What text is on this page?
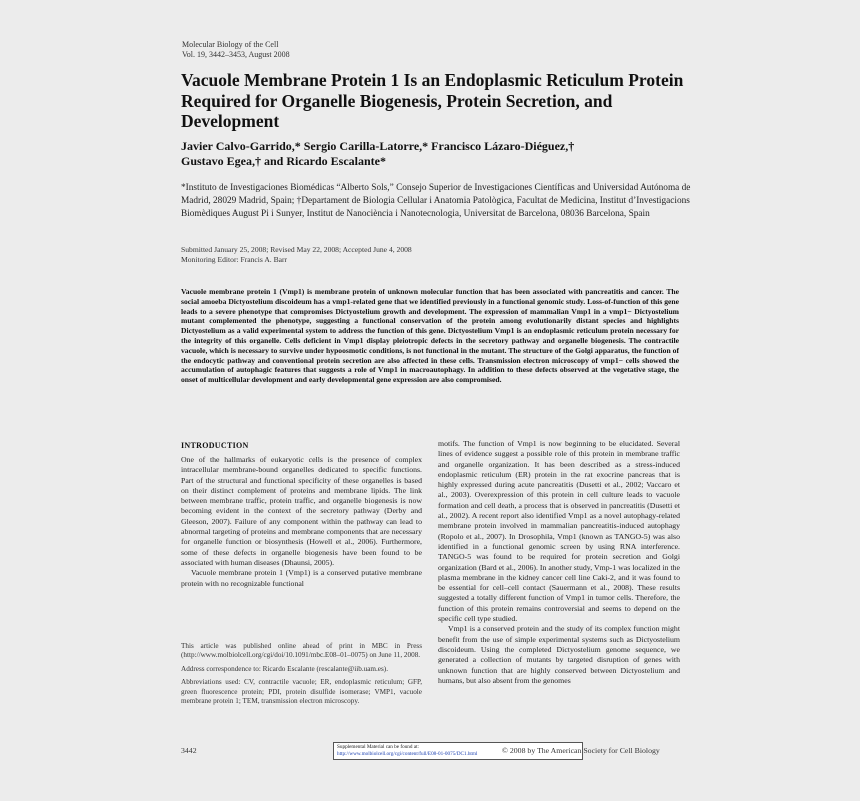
Molecular Biology of the Cell
Vol. 19, 3442–3453, August 2008
Vacuole Membrane Protein 1 Is an Endoplasmic Reticulum Protein Required for Organelle Biogenesis, Protein Secretion, and Development
Javier Calvo-Garrido,* Sergio Carilla-Latorre,* Francisco Lázaro-Diéguez,†
Gustavo Egea,† and Ricardo Escalante*
*Instituto de Investigaciones Biomédicas “Alberto Sols,” Consejo Superior de Investigaciones Científicas and Universidad Autónoma de Madrid, 28029 Madrid, Spain; †Departament de Biologia Cellular i Anatomia Patològica, Facultat de Medicina, Institut d’Investigacions Biomèdiques August Pi i Sunyer, Institut de Nanociència i Nanotecnologia, Universitat de Barcelona, 08036 Barcelona, Spain
Submitted January 25, 2008; Revised May 22, 2008; Accepted June 4, 2008
Monitoring Editor: Francis A. Barr
Vacuole membrane protein 1 (Vmp1) is membrane protein of unknown molecular function that has been associated with pancreatitis and cancer. The social amoeba Dictyostelium discoideum has a vmp1-related gene that we identified previously in a functional genomic study. Loss-of-function of this gene leads to a severe phenotype that compromises Dictyostelium growth and development. The expression of mammalian Vmp1 in a vmp1− Dictyostelium mutant complemented the phenotype, suggesting a functional conservation of the protein among evolutionarily distant species and highlights Dictyostelium as a valid experimental system to address the function of this gene. Dictyostelium Vmp1 is an endoplasmic reticulum protein necessary for the integrity of this organelle. Cells deficient in Vmp1 display pleiotropic defects in the secretory pathway and organelle biogenesis. The contractile vacuole, which is necessary to survive under hypoosmotic conditions, is not functional in the mutant. The structure of the Golgi apparatus, the function of the endocytic pathway and conventional protein secretion are also affected in these cells. Transmission electron microscopy of vmp1− cells showed the accumulation of autophagic features that suggests a role of Vmp1 in macroautophagy. In addition to these defects observed at the vegetative stage, the onset of multicellular development and early developmental gene expression are also compromised.
INTRODUCTION

One of the hallmarks of eukaryotic cells is the presence of complex intracellular membrane-bound organelles dedicated to specific functions. Part of the structural and functional specificity of these organelles is based on their distinct complement of proteins and membrane lipids. The link between membrane traffic, protein traffic, and organelle biogenesis is now becoming evident in the context of the secretory pathway (Derby and Gleeson, 2007). Failure of any component within the pathway can lead to abnormal targeting of proteins and membrane components that are necessary for organelle function or biosynthesis (Howell et al., 2006). Furthermore, some of these defects in organelle biogenesis have been found to be associated with human diseases (Dhaunsi, 2005).

Vacuole membrane protein 1 (Vmp1) is a conserved putative membrane protein with no recognizable functional

motifs. The function of Vmp1 is now beginning to be elucidated. Several lines of evidence suggest a possible role of this protein in membrane traffic and organelle organization. It has been described as a stress-induced endoplasmic reticulum (ER) protein in the rat exocrine pancreas that is highly expressed during acute pancreatitis (Dusetti et al., 2002; Vaccaro et al., 2003). Overexpression of this protein in cell culture leads to vacuole formation and cell death, a process that is observed in pancreatitis (Dusetti et al., 2002). A recent report also identified Vmp1 as a novel autophagy-related membrane protein involved in mammalian pancreatitis-induced autophagy (Ropolo et al., 2007). In Drosophila, Vmp1 (known as TANGO-5) was also identified in a functional genomic screen by using RNA interference. TANGO-5 was found to be required for protein secretion and Golgi organization (Bard et al., 2006). In another study, Vmp-1 was localized in the plasma membrane in the kidney cancer cell line Caki-2, and it was found to be essential for cell–cell contact (Sauermann et al., 2008). These results suggested a totally different function of Vmp1 in tumor cells. Therefore, the function of this protein remains controversial and seems to depend on the specific cell type studied.

Vmp1 is a conserved protein and the study of its complex function might benefit from the use of simple experimental systems such as Dictyostelium discoideum. Using the completed Dictyostelium genome sequence, we generated a collection of mutants by targeted disruption of genes with unknown function that are highly conserved between Dictyostelium and humans, but also absent from the genomes

This article was published online ahead of print in MBC in Press (http://www.molbiolcell.org/cgi/doi/10.1091/mbc.E08–01–0075) on June 11, 2008.

Address correspondence to: Ricardo Escalante (rescalante@iib.uam.es).

Abbreviations used: CV, contractile vacuole; ER, endoplasmic reticulum; GFP, green fluorescence protein; PDI, protein disulfide isomerase; VMP1, vacuole membrane protein 1; TEM, transmission electron microscopy.

3442	Supplemental Material can be found at:
http://www.molbiolcell.org/cgi/content/full/E08-01-0075/DC1.html	© 2008 by The American Society for Cell Biology
